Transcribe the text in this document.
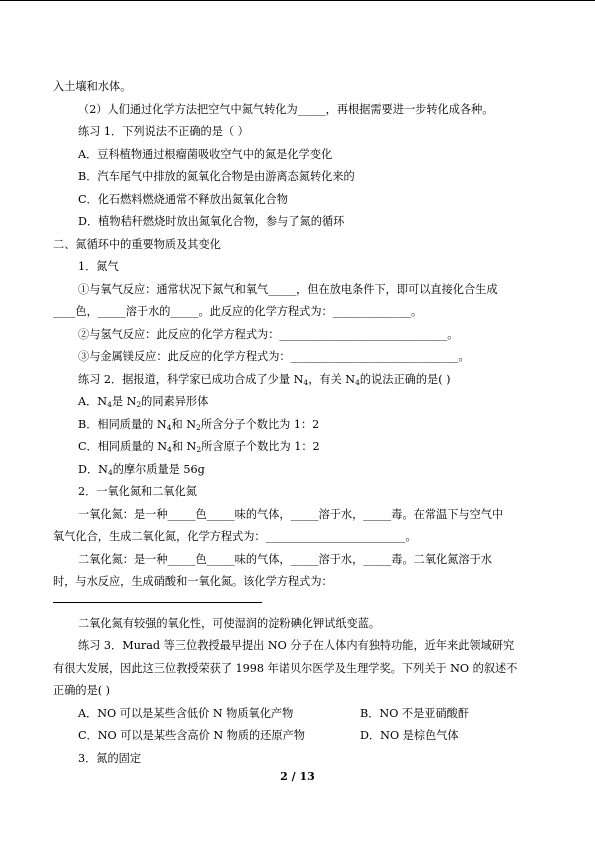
入土壤和水体。
（2）人们通过化学方法把空气中氮气转化为_____，再根据需要进一步转化成各种。
练习 1．下列说法不正确的是（ ）
A．豆科植物通过根瘤菌吸收空气中的氮是化学变化
B．汽车尾气中排放的氮氧化合物是由游离态氮转化来的
C．化石燃料燃烧通常不释放出氮氧化合物
D．植物秸秆燃烧时放出氮氧化合物，参与了氮的循环
二、氮循环中的重要物质及其变化
1．氮气
①与氧气反应：通常状况下氮气和氧气_____，但在放电条件下，即可以直接化合生成
____色，_____溶于水的_____。此反应的化学方程式为：______________。
②与氢气反应：此反应的化学方程式为：______________________________。
③与金属镁反应：此反应的化学方程式为：______________________________。
练习 2．据报道，科学家已成功合成了少量 $N_4$，有关 $N_4$的说法正确的是( )
A．$N_4$是 $N_2$的同素异形体
B．相同质量的 $N_4$和 $N_2$所含分子个数比为 1：2
C．相同质量的 $N_4$和 $N_2$所含原子个数比为 1：2
D．$N_4$的摩尔质量是 56g
2．一氧化氮和二氧化氮
一氧化氮：是一种_____色_____味的气体，_____溶于水，_____毒。在常温下与空气中
氧气化合，生成二氧化氮，化学方程式为：_________________________。
二氧化氮：是一种_____色_____味的气体，_____溶于水，_____毒。二氧化氮溶于水
时，与水反应，生成硝酸和一氧化氮。该化学方程式为：
二氧化氮有较强的氧化性，可使湿润的淀粉碘化钾试纸变蓝。
练习 3．Murad 等三位教授最早提出 NO 分子在人体内有独特功能，近年来此领域研究
有很大发展，因此这三位教授荣获了 1998 年诺贝尔医学及生理学奖。下列关于 NO 的叙述不
正确的是( )
A．NO 可以是某些含低价 N 物质氧化产物	B．NO 不是亚硝酸酐
C．NO 可以是某些含高价 N 物质的还原产物	D．NO 是棕色气体
3．氮的固定
2 / 13
